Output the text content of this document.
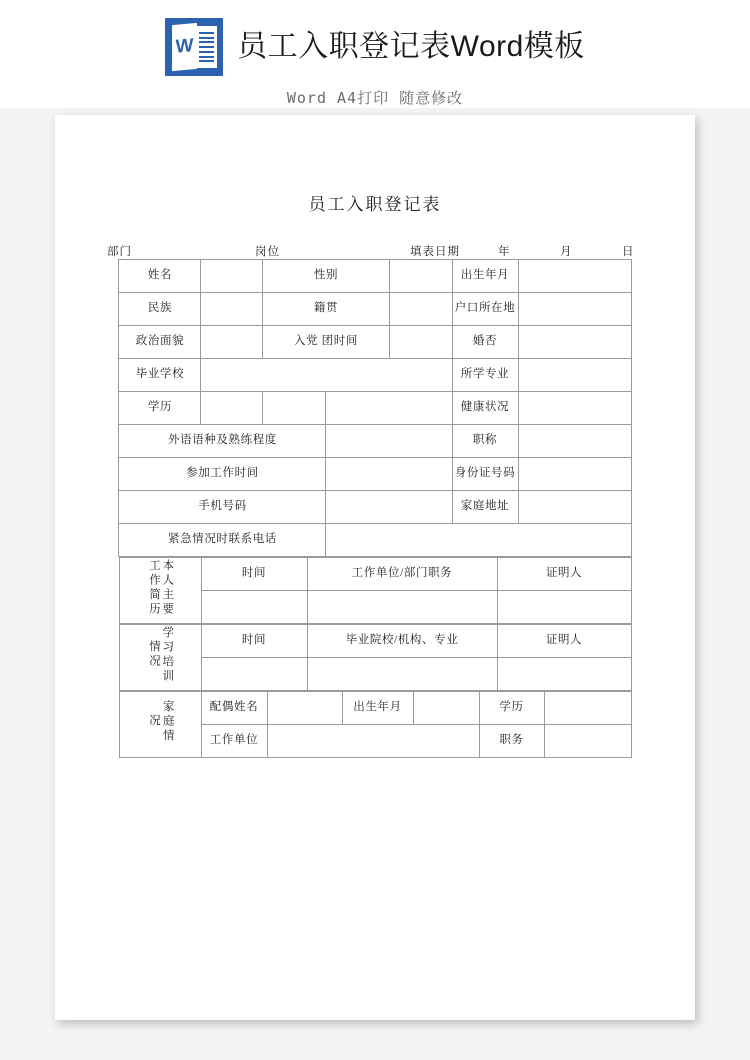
W 员工入职登记表Word模板
Word A4打印 随意修改
员工入职登记表
部门	岗位	填表日期	年	月	日
姓名		性别			出生年月		
民族		籍贯			户口所在地		
政治面貌		入党 团时间			婚否		
毕业学校					所学专业		
学历					健康状况		
外语语种及熟练程度					职称		
参加工作时间					身份证号码		
手机号码					家庭地址		
紧急情况时联系电话							
本人主要工作简历	时间	工作单位/部门职务	证明人

学习培训情况	时间	毕业院校/机构、专业	证明人

家庭情况	配偶姓名		出生年月		学历	
	工作单位				职务	
